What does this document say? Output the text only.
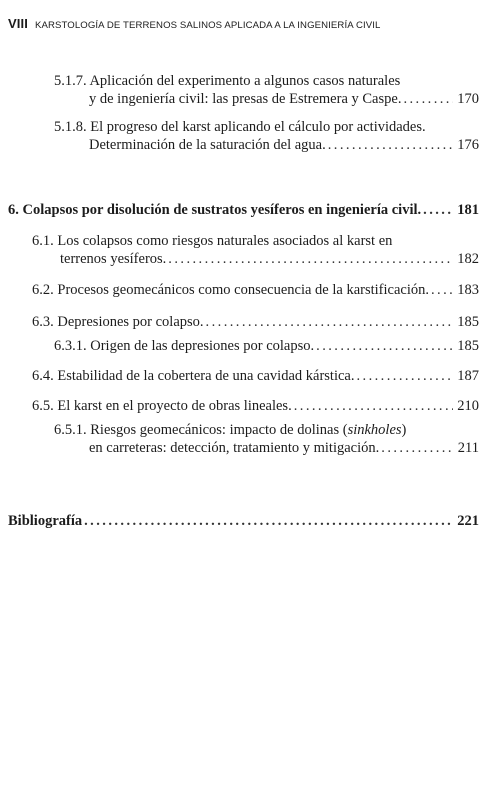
VIII KARSTOLOGÍA DE TERRENOS SALINOS APLICADA A LA INGENIERÍA CIVIL
5.1.7. Aplicación del experimento a algunos casos naturales
y de ingeniería civil: las presas de Estremera y Caspe. . . .	170
5.1.8. El progreso del karst aplicando el cálculo por actividades.
Determinación de la saturación del agua. . . .	176
6. Colapsos por disolución de sustratos yesíferos en ingeniería civil. . . . 181
6.1. Los colapsos como riesgos naturales asociados al karst en
terrenos yesíferos. . . .	182
6.2. Procesos geomecánicos como consecuencia de la karstificación. . . . 183
6.3. Depresiones por colapso. . . .	185
6.3.1. Origen de las depresiones por colapso. . . .	185
6.4. Estabilidad de la cobertera de una cavidad kárstica. . . .	187
6.5. El karst en el proyecto de obras lineales. . . .	210
6.5.1. Riesgos geomecánicos: impacto de dolinas (sinkholes)
en carreteras: detección, tratamiento y mitigación. . . .	211
Bibliografía . . .	221
